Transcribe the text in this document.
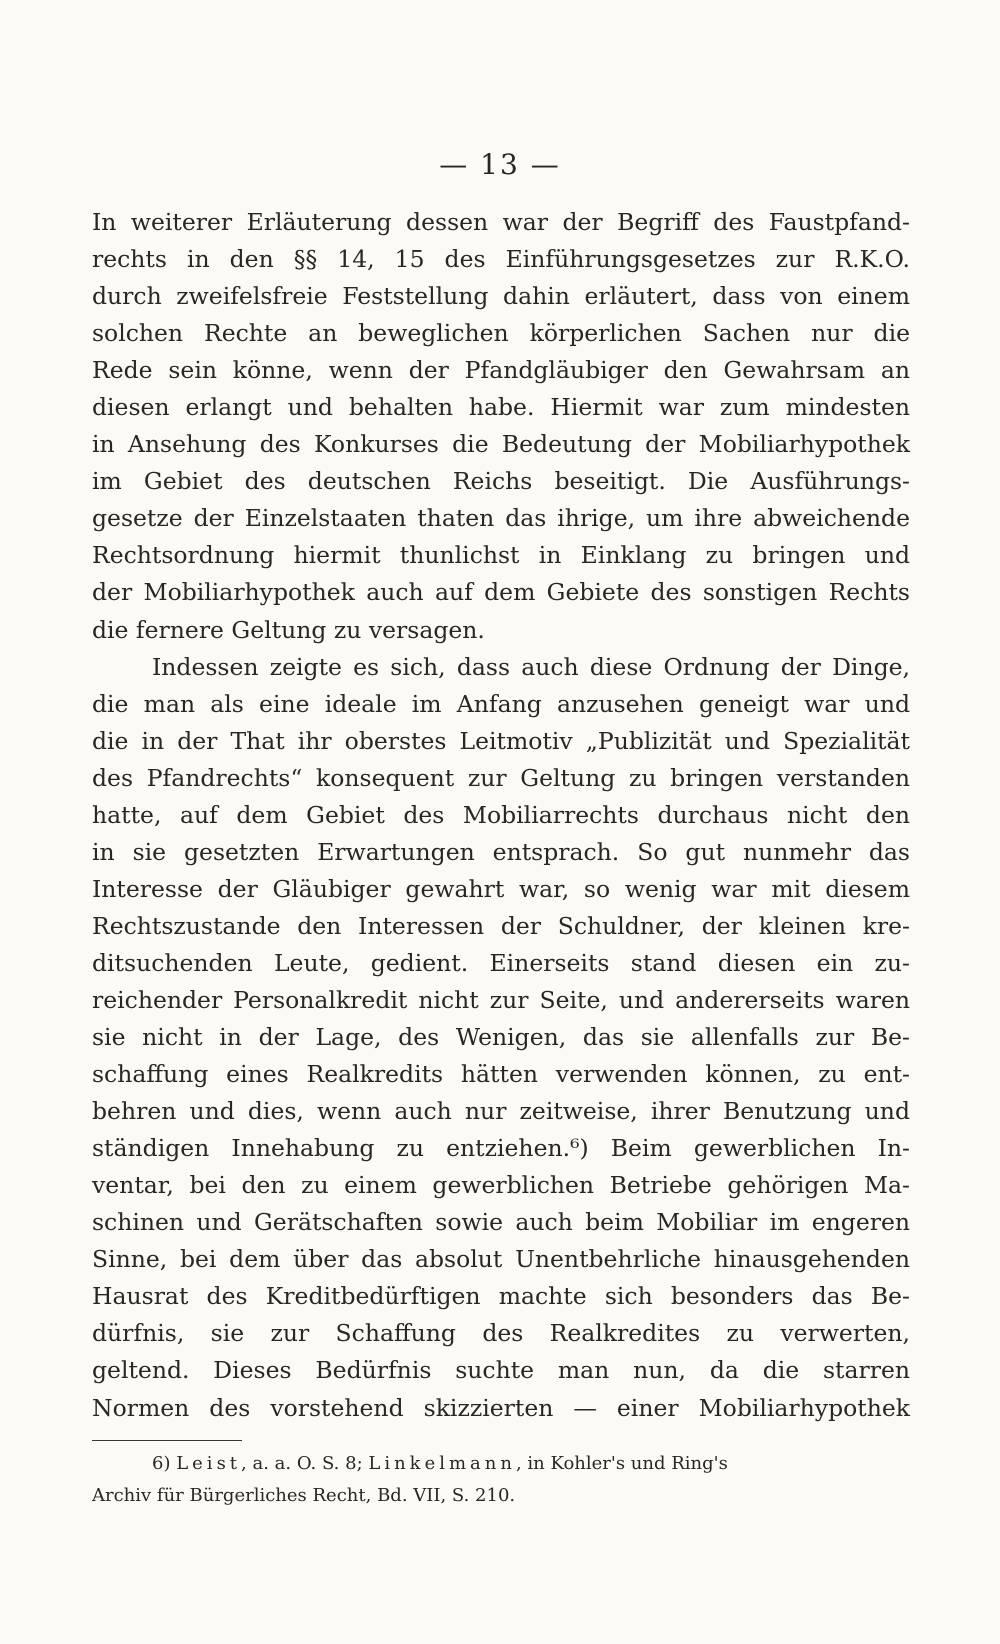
— 13 —
In weiterer Erläuterung dessen war der Begriff des Faustpfand-
rechts in den §§ 14, 15 des Einführungsgesetzes zur R.K.O.
durch zweifelsfreie Feststellung dahin erläutert, dass von einem
solchen Rechte an beweglichen körperlichen Sachen nur die
Rede sein könne, wenn der Pfandgläubiger den Gewahrsam an
diesen erlangt und behalten habe. Hiermit war zum mindesten
in Ansehung des Konkurses die Bedeutung der Mobiliarhypothek
im Gebiet des deutschen Reichs beseitigt. Die Ausführungs-
gesetze der Einzelstaaten thaten das ihrige, um ihre abweichende
Rechtsordnung hiermit thunlichst in Einklang zu bringen und
der Mobiliarhypothek auch auf dem Gebiete des sonstigen Rechts
die fernere Geltung zu versagen.
Indessen zeigte es sich, dass auch diese Ordnung der Dinge,
die man als eine ideale im Anfang anzusehen geneigt war und
die in der That ihr oberstes Leitmotiv „Publizität und Spezialität
des Pfandrechts“ konsequent zur Geltung zu bringen verstanden
hatte, auf dem Gebiet des Mobiliarrechts durchaus nicht den
in sie gesetzten Erwartungen entsprach. So gut nunmehr das
Interesse der Gläubiger gewahrt war, so wenig war mit diesem
Rechtszustande den Interessen der Schuldner, der kleinen kre-
ditsuchenden Leute, gedient. Einerseits stand diesen ein zu-
reichender Personalkredit nicht zur Seite, und andererseits waren
sie nicht in der Lage, des Wenigen, das sie allenfalls zur Be-
schaffung eines Realkredits hätten verwenden können, zu ent-
behren und dies, wenn auch nur zeitweise, ihrer Benutzung und
ständigen Innehabung zu entziehen.⁶) Beim gewerblichen In-
ventar, bei den zu einem gewerblichen Betriebe gehörigen Ma-
schinen und Gerätschaften sowie auch beim Mobiliar im engeren
Sinne, bei dem über das absolut Unentbehrliche hinausgehenden
Hausrat des Kreditbedürftigen machte sich besonders das Be-
dürfnis, sie zur Schaffung des Realkredites zu verwerten,
geltend. Dieses Bedürfnis suchte man nun, da die starren
Normen des vorstehend skizzierten — einer Mobiliarhypothek
6) Leist, a. a. O. S. 8; Linkelmann, in Kohler's und Ring's
Archiv für Bürgerliches Recht, Bd. VII, S. 210.
